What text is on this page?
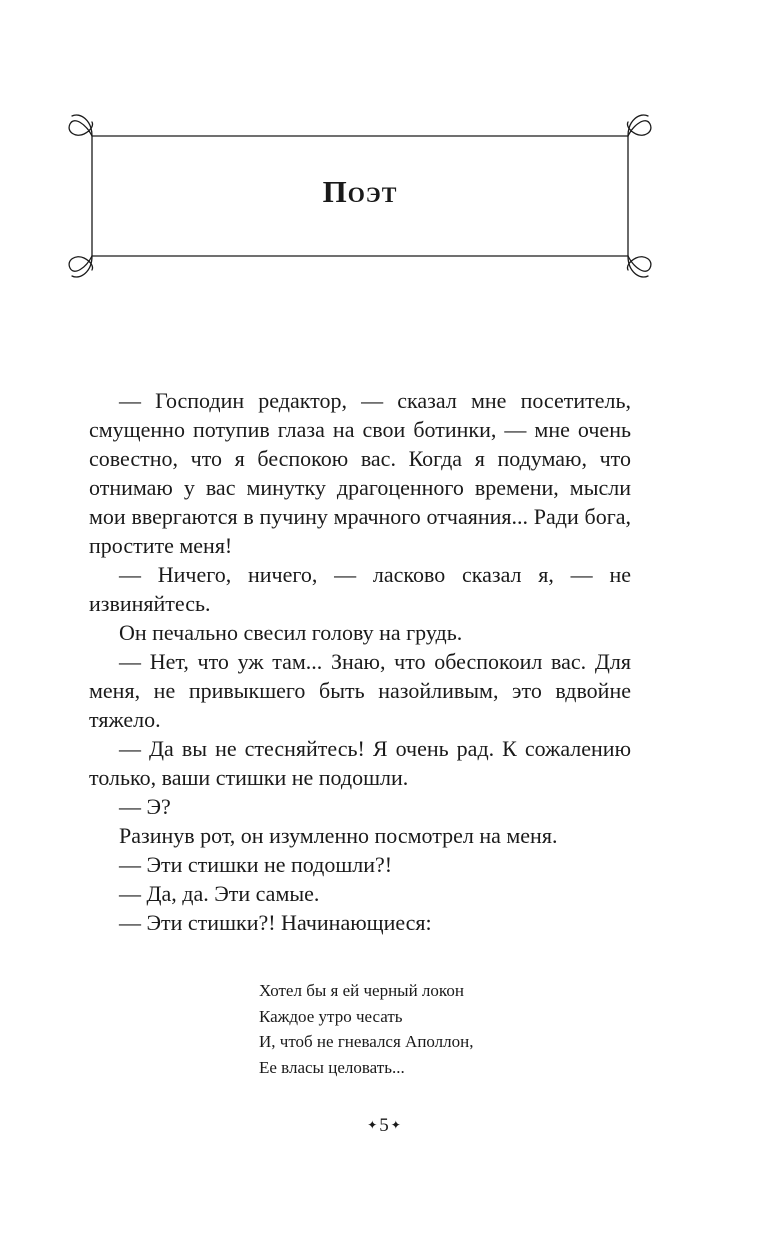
Поэт

— Господин редактор, — сказал мне посетитель, смущенно потупив глаза на свои ботинки, — мне очень совестно, что я беспокою вас. Когда я подумаю, что отнимаю у вас минутку драгоценного времени, мысли мои ввергаются в пучину мрачного отчаяния... Ради бога, простите меня!

— Ничего, ничего, — ласково сказал я, — не извиняйтесь.

Он печально свесил голову на грудь.

— Нет, что уж там... Знаю, что обеспокоил вас. Для меня, не привыкшего быть назойливым, это вдвойне тяжело.

— Да вы не стесняйтесь! Я очень рад. К сожалению только, ваши стишки не подошли.

— Э?

Разинув рот, он изумленно посмотрел на меня.

— Эти стишки не подошли?!

— Да, да. Эти самые.

— Эти стишки?! Начинающиеся:

Хотел бы я ей черный локон
Каждое утро чесать
И, чтоб не гневался Аполлон,
Ее власы целовать...
✦ 5 ✦
